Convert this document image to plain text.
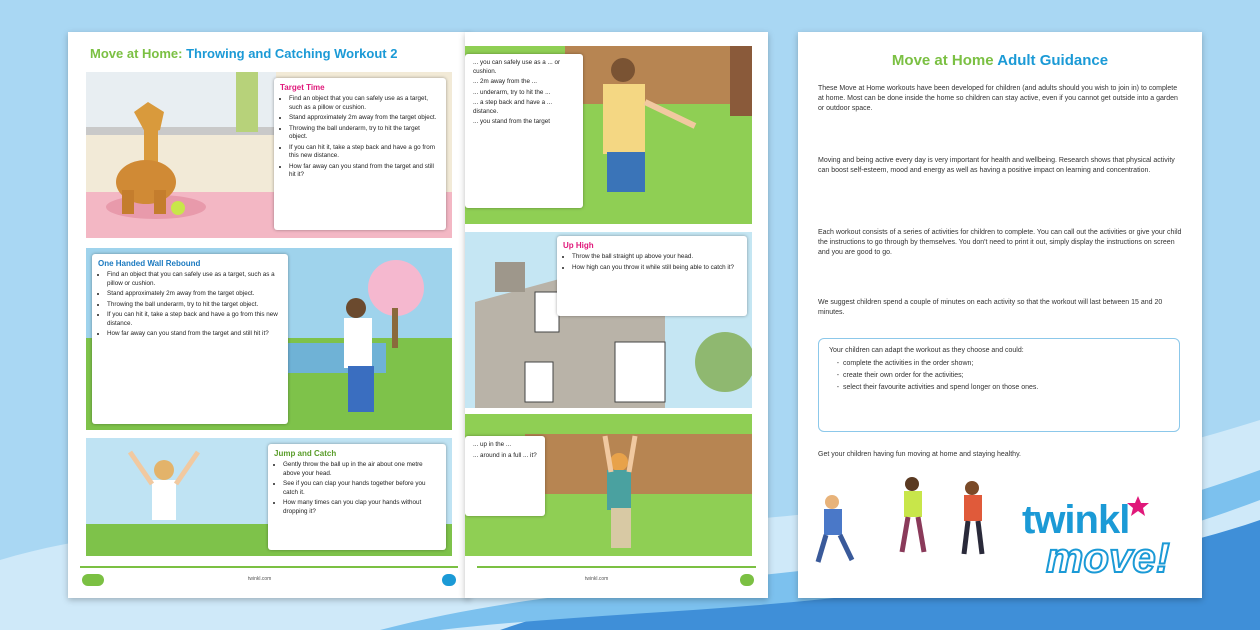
Move at Home: Throwing and Catching Workout 2
Target Time
• Find an object that you can safely use as a target, such as a pillow or cushion.
• Stand approximately 2m away from the target object.
• Throwing the ball underarm, try to hit the target object.
• If you can hit it, take a step back and have a go from this new distance.
• How far away can you stand from the target and still hit it?
One Handed Wall Rebound
• Find an object that you can safely use as a target, such as a pillow or cushion.
• Stand approximately 2m away from the target object.
• Throwing the ball underarm, try to hit the target object.
• If you can hit it, take a step back and have a go from this new distance.
• How far away can you stand from the target and still hit it?
Jump and Catch
• Gently throw the ball up in the air about one metre above your head.
• See if you can clap your hands together before you catch it.
• How many times can you clap your hands without dropping it?
twinkl.com
... you can safely use as a ... or cushion.
... 2m away from the ...
... underarm, try to hit the ...
... a step back and have a ... distance.
... you stand from the target
Up High
• Throw the ball straight up above your head.
• How high can you throw it while still being able to catch it?
... up in the ...
... around in a full ... it?
twinkl.com
Move at Home Adult Guidance

These Move at Home workouts have been developed for children (and adults should you wish to join in) to complete at home. Most can be done inside the home so children can stay active, even if you cannot get outside into a garden or outdoor space.

Moving and being active every day is very important for health and wellbeing. Research shows that physical activity can boost self-esteem, mood and energy as well as having a positive impact on learning and concentration.

Each workout consists of a series of activities for children to complete. You can call out the activities or give your child the instructions to go through by themselves. You don't need to print it out, simply display the instructions on screen and you are good to go.

We suggest children spend a couple of minutes on each activity so that the workout will last between 15 and 20 minutes.

Your children can adapt the workout as they choose and could:

- complete the activities in the order shown;
- create their own order for the activities;
- select their favourite activities and spend longer on those ones.

Get your children having fun moving at home and staying healthy.

twinkl
move!
